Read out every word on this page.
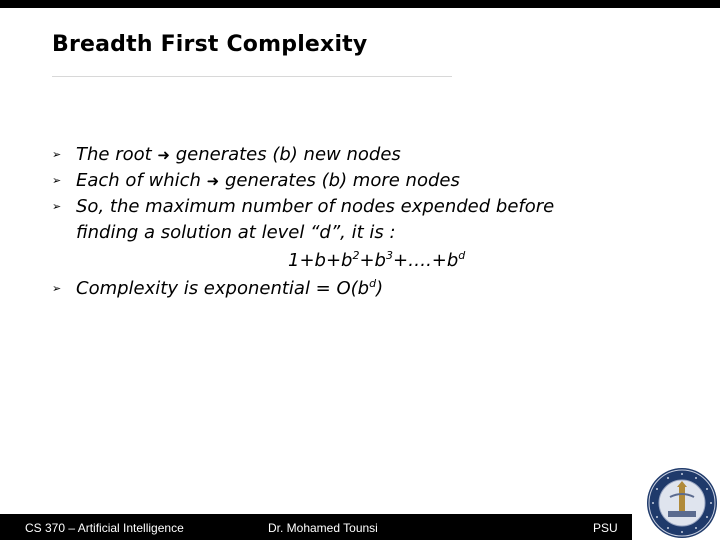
Breadth First Complexity
➢ The root ➜ generates (b) new nodes
➢ Each of which ➜ generates (b) more nodes
➢ So, the maximum number of nodes expended before
finding a solution at level “d”, it is :
$1+b+b^2+b^3+\dots.+b^d$
➢ Complexity is exponential = $O(b^d)$
CS 370 – Artificial Intelligence	Dr. Mohamed Tounsi	PSU
